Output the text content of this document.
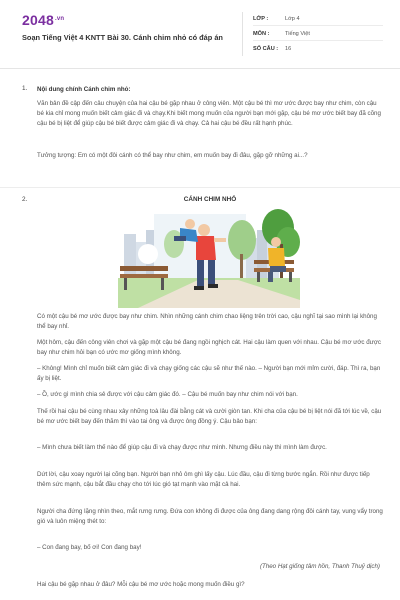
$2048^{.vn}$
Soạn Tiếng Việt 4 KNTT Bài 30. Cánh chim nhỏ có đáp án
LỚP :	Lớp 4
MÔN :	Tiếng Việt
SỐ CÂU : 16
1. Nội dung chính Cánh chim nhỏ:
Văn bản đề cập đến câu chuyện của hai cậu bé gặp nhau ở công viên. Một cậu bé thì mơ ước được bay như chim, còn cậu bé kia chỉ mong muốn biết cảm giác đi và chạy.Khi biết mong muốn của người bạn mới gặp, cậu bé mơ ước biết bay đã cõng cậu bé bị liệt để giúp cậu bé biết được cảm giác đi và chạy. Cả hai cậu bé đều rất hạnh phúc.
Tưởng tượng: Em có một đôi cánh có thể bay như chim, em muốn bay đi đâu, gặp gỡ những ai...?
2.	CÁNH CHIM NHỎ
Có một cậu bé mơ ước được bay như chim. Nhìn những cánh chim chao liệng trên trời cao, cậu nghĩ tại sao mình lại không thể bay nhỉ.
Một hôm, cậu đến công viên chơi và gặp một cậu bé đang ngồi nghịch cát. Hai cậu làm quen với nhau. Cậu bé mơ ước được bay như chim hỏi bạn có ước mơ giống mình không.
– Không! Mình chỉ muốn biết cảm giác đi và chạy giống các cậu sẽ như thế nào. – Người bạn mới mỉm cười, đáp. Thì ra, bạn ấy bị liệt.
– Ồ, ước gì mình chia sẻ được với cậu cảm giác đó. – Cậu bé muốn bay như chim nói với bạn.
Thế rồi hai cậu bé cùng nhau xây những toà lâu đài bằng cát và cười giòn tan. Khi cha của cậu bé bị liệt nói đã tới lúc về, cậu bé mơ ước biết bay đến thăm thì vào tai ông và được ông đồng ý. Cậu bảo bạn:
– Mình chưa biết làm thế nào để giúp cậu đi và chạy được như mình. Nhưng điều này thì mình làm được.
Dứt lời, cậu xoay người lại cõng bạn. Người bạn nhỏ ôm ghì lấy cậu. Lúc đầu, cậu đi từng bước ngắn. Rồi như được tiếp thêm sức mạnh, cậu bắt đầu chạy cho tới lúc gió tạt mạnh vào mặt cả hai.
Người cha đứng lặng nhìn theo, mắt rưng rưng. Đứa con không đi được của ông đang dang rộng đôi cánh tay, vung vẩy trong gió và luôn miệng thét to:
– Con đang bay, bố ơi! Con đang bay!
(Theo Hạt giống tâm hồn, Thanh Thuỷ dịch)
Hai cậu bé gặp nhau ở đâu? Mỗi cậu bé mơ ước hoặc mong muốn điều gì?
